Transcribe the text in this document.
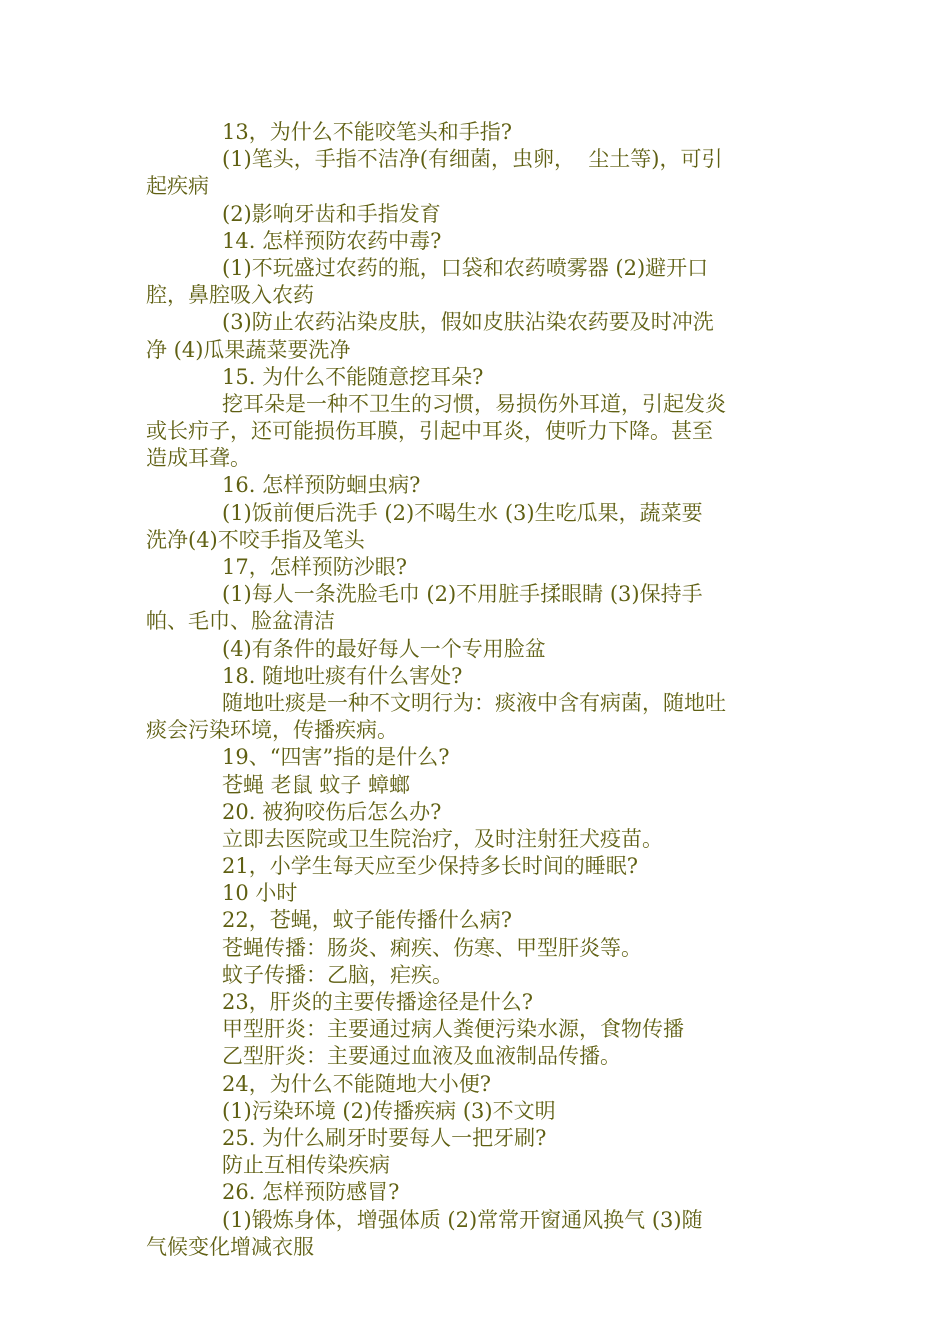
13，为什么不能咬笔头和手指?
(1)笔头，手指不洁净(有细菌，虫卵，  尘土等)，可引
起疾病
(2)影响牙齿和手指发育
14. 怎样预防农药中毒?
(1)不玩盛过农药的瓶，口袋和农药喷雾器 (2)避开口
腔，鼻腔吸入农药
(3)防止农药沾染皮肤，假如皮肤沾染农药要及时冲洗
净 (4)瓜果蔬菜要洗净
15. 为什么不能随意挖耳朵?
挖耳朵是一种不卫生的习惯，易损伤外耳道，引起发炎
或长疖子，还可能损伤耳膜，引起中耳炎，使听力下降。甚至
造成耳聋。
16. 怎样预防蛔虫病?
(1)饭前便后洗手 (2)不喝生水 (3)生吃瓜果，蔬菜要
洗净(4)不咬手指及笔头
17，怎样预防沙眼?
(1)每人一条洗脸毛巾 (2)不用脏手揉眼睛 (3)保持手
帕、毛巾、脸盆清洁
(4)有条件的最好每人一个专用脸盆
18. 随地吐痰有什么害处?
随地吐痰是一种不文明行为：痰液中含有病菌，随地吐
痰会污染环境，传播疾病。
19、“四害”指的是什么?
苍蝇 老鼠 蚊子 蟑螂
20. 被狗咬伤后怎么办?
立即去医院或卫生院治疗，及时注射狂犬疫苗。
21，小学生每天应至少保持多长时间的睡眠?
10 小时
22，苍蝇，蚊子能传播什么病?
苍蝇传播：肠炎、痢疾、伤寒、甲型肝炎等。
蚊子传播：乙脑，疟疾。
23，肝炎的主要传播途径是什么?
甲型肝炎：主要通过病人粪便污染水源，食物传播
乙型肝炎：主要通过血液及血液制品传播。
24，为什么不能随地大小便?
(1)污染环境 (2)传播疾病 (3)不文明
25. 为什么刷牙时要每人一把牙刷?
防止互相传染疾病
26. 怎样预防感冒?
(1)锻炼身体，增强体质 (2)常常开窗通风换气 (3)随
气候变化增减衣服
